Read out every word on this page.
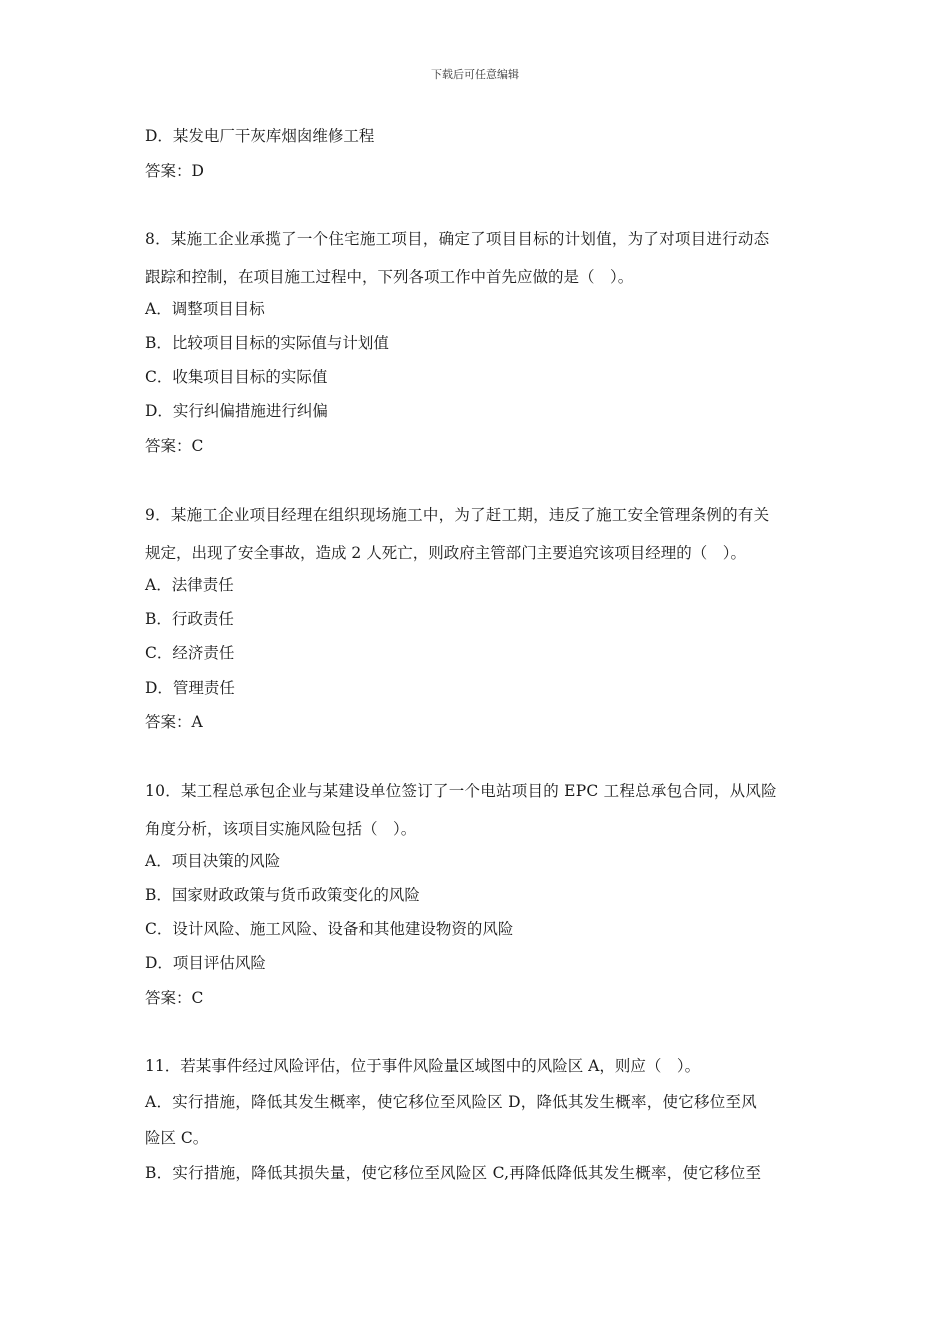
下载后可任意编辑
D．某发电厂干灰库烟囱维修工程
答案：D
8．某施工企业承揽了一个住宅施工项目，确定了项目目标的计划值，为了对项目进行动态
跟踪和控制，在项目施工过程中，下列各项工作中首先应做的是（　）。
A．调整项目目标
B．比较项目目标的实际值与计划值
C．收集项目目标的实际值
D．实行纠偏措施进行纠偏
答案：C
9．某施工企业项目经理在组织现场施工中，为了赶工期，违反了施工安全管理条例的有关
规定，出现了安全事故，造成 2 人死亡，则政府主管部门主要追究该项目经理的（　）。
A．法律责任
B．行政责任
C．经济责任
D．管理责任
答案：A
10．某工程总承包企业与某建设单位签订了一个电站项目的 EPC 工程总承包合同，从风险
角度分析，该项目实施风险包括（　）。
A．项目决策的风险
B．国家财政政策与货币政策变化的风险
C．设计风险、施工风险、设备和其他建设物资的风险
D．项目评估风险
答案：C
11．若某事件经过风险评估，位于事件风险量区域图中的风险区 A，则应（　）。
A．实行措施，降低其发生概率，使它移位至风险区 D，降低其发生概率，使它移位至风
险区 C。
B．实行措施，降低其损失量，使它移位至风险区 C,再降低降低其发生概率，使它移位至
